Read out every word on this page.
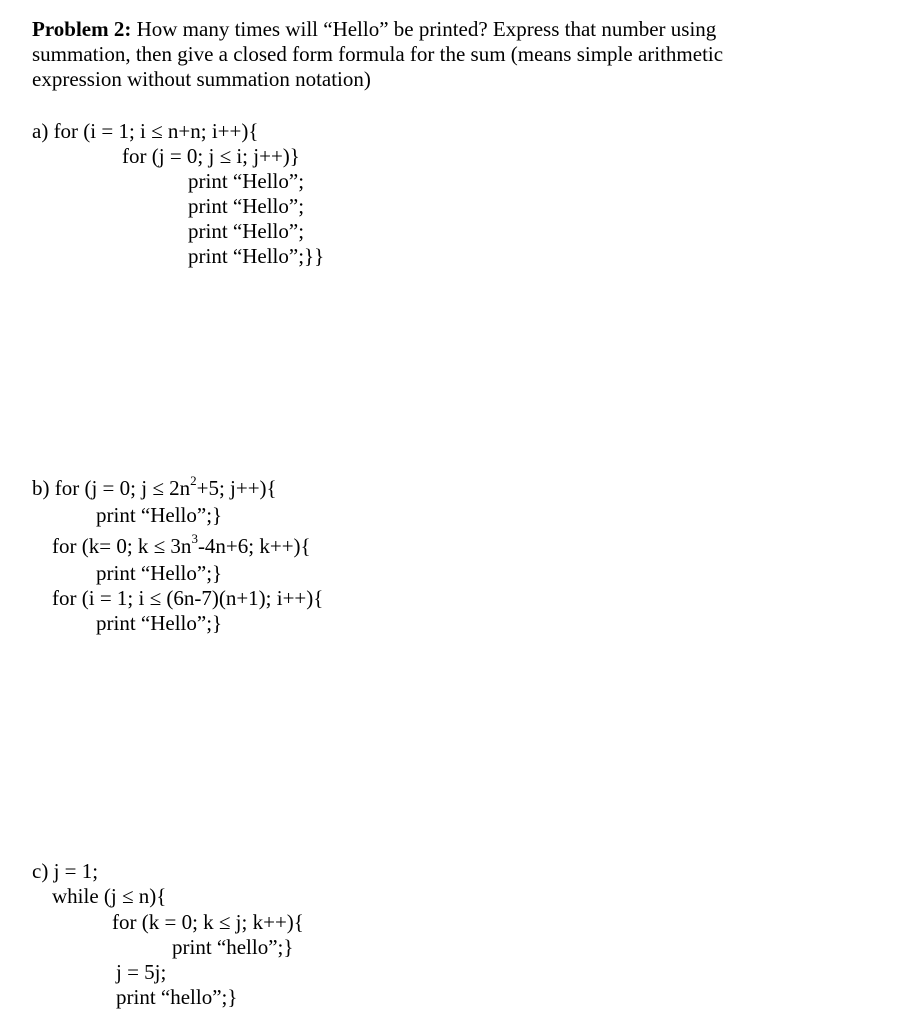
Problem 2: How many times will “Hello” be printed? Express that number using
summation, then give a closed form formula for the sum (means simple arithmetic
expression without summation notation)
a) for (i = 1; i ≤ n+n; i++){
for (j = 0; j ≤ i; j++)}
print “Hello”;
print “Hello”;
print “Hello”;
print “Hello”;}}
b) for (j = 0; $j \le 2n^2+5$; j++){
print “Hello”;}
for (k= 0; $k \le 3n^3-4n+6$; k++){
print “Hello”;}
for (i = 1; i ≤ (6n-7)(n+1); i++){
print “Hello”;}
c) j = 1;
while (j ≤ n){
for (k = 0; k ≤ j; k++){
print “hello”;}
j = 5j;
print “hello”;}
